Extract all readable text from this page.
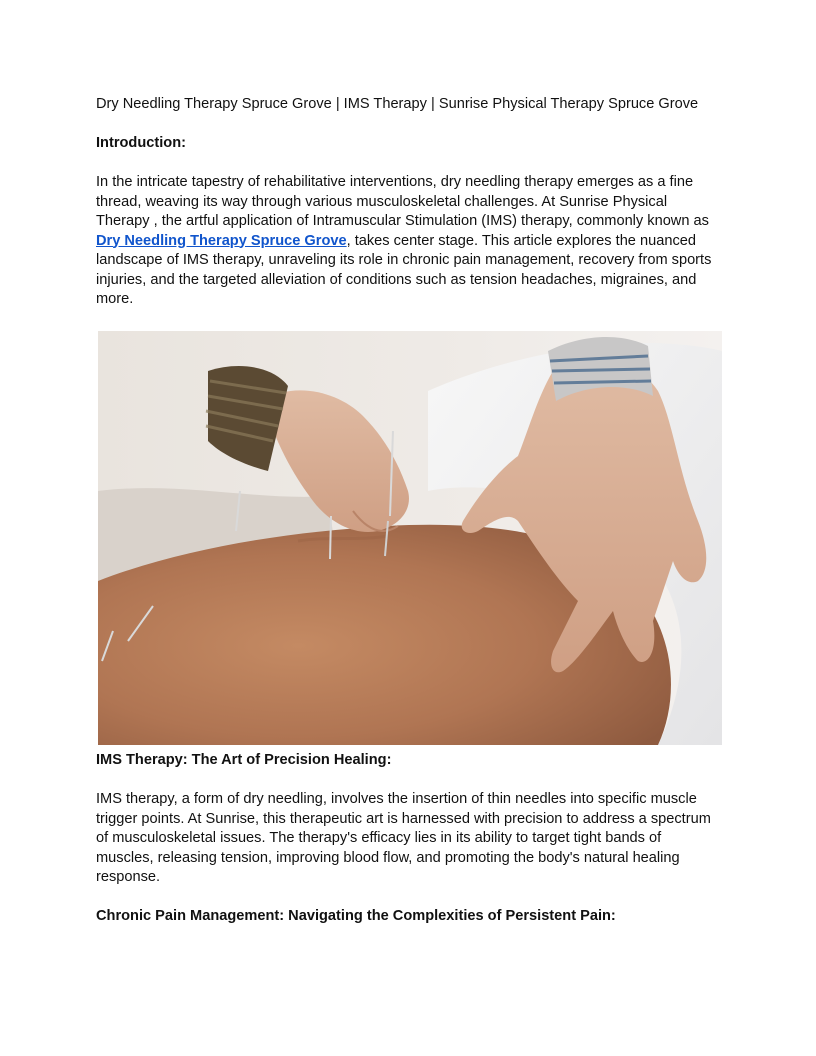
Dry Needling Therapy Spruce Grove | IMS Therapy | Sunrise Physical Therapy Spruce Grove
Introduction:
In the intricate tapestry of rehabilitative interventions, dry needling therapy emerges as a fine thread, weaving its way through various musculoskeletal challenges. At Sunrise Physical Therapy , the artful application of Intramuscular Stimulation (IMS) therapy, commonly known as Dry Needling Therapy Spruce Grove, takes center stage. This article explores the nuanced landscape of IMS therapy, unraveling its role in chronic pain management, recovery from sports injuries, and the targeted alleviation of conditions such as tension headaches, migraines, and more.
IMS Therapy: The Art of Precision Healing:
IMS therapy, a form of dry needling, involves the insertion of thin needles into specific muscle trigger points. At Sunrise, this therapeutic art is harnessed with precision to address a spectrum of musculoskeletal issues. The therapy's efficacy lies in its ability to target tight bands of muscles, releasing tension, improving blood flow, and promoting the body's natural healing response.
Chronic Pain Management: Navigating the Complexities of Persistent Pain:
